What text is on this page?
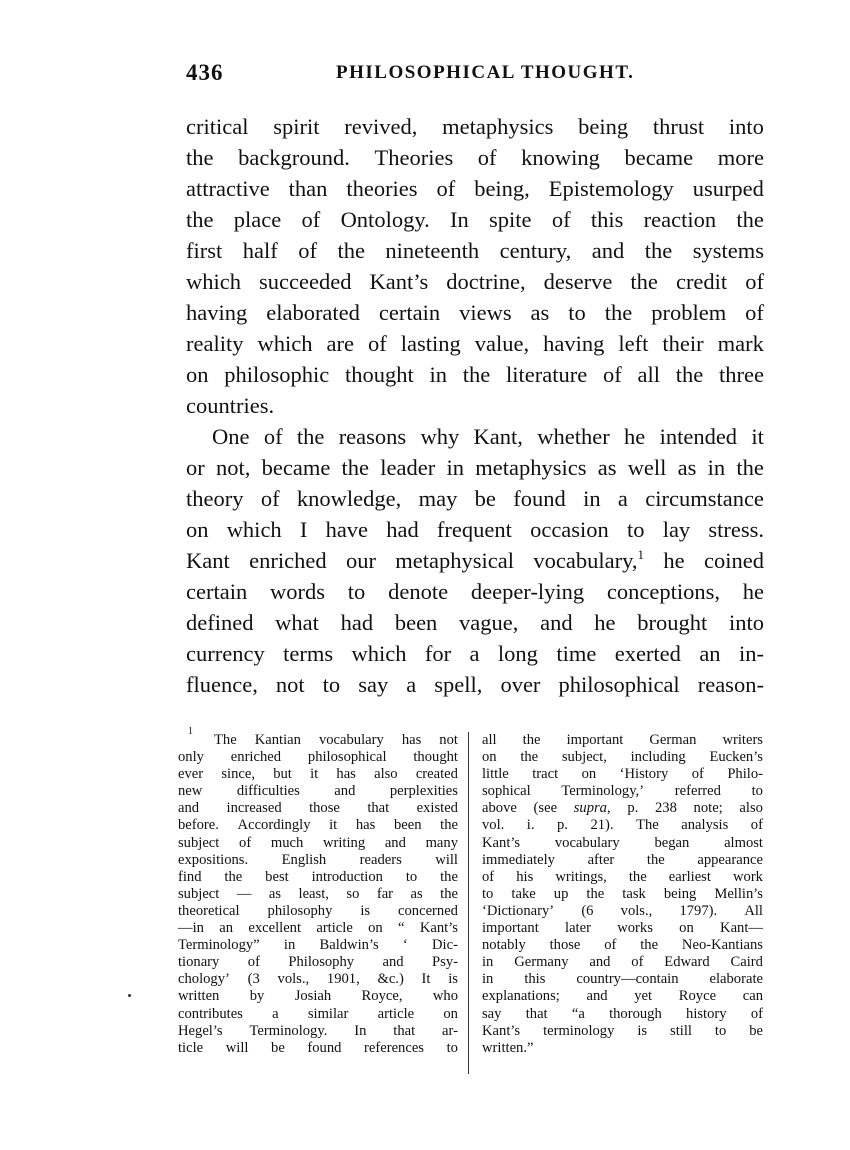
436	PHILOSOPHICAL THOUGHT.
critical spirit revived, metaphysics being thrust into
the background. Theories of knowing became more
attractive than theories of being, Epistemology usurped
the place of Ontology. In spite of this reaction the
first half of the nineteenth century, and the systems
which succeeded Kant’s doctrine, deserve the credit of
having elaborated certain views as to the problem of
reality which are of lasting value, having left their mark
on philosophic thought in the literature of all the three
countries.
One of the reasons why Kant, whether he intended it
or not, became the leader in metaphysics as well as in the
theory of knowledge, may be found in a circumstance
on which I have had frequent occasion to lay stress.
Kant enriched our metaphysical vocabulary,$^1$ he coined
certain words to denote deeper-lying conceptions, he
defined what had been vague, and he brought into
currency terms which for a long time exerted an in-
fluence, not to say a spell, over philosophical reason-
1
The Kantian vocabulary has not
only enriched philosophical thought
ever since, but it has also created
new difficulties and perplexities
and increased those that existed
before. Accordingly it has been the
subject of much writing and many
expositions. English readers will
find the best introduction to the
subject — as least, so far as the
theoretical philosophy is concerned
—in an excellent article on “ Kant’s
Terminology” in Baldwin’s ‘ Dic-
tionary of Philosophy and Psy-
chology’ (3 vols., 1901, &c.) It is
written by Josiah Royce, who
contributes a similar article on
Hegel’s Terminology. In that ar-
ticle will be found references to
all the important German writers
on the subject, including Eucken’s
little tract on ‘History of Philo-
sophical Terminology,’ referred to
above (see supra, p. 238 note; also
vol. i. p. 21). The analysis of
Kant’s vocabulary began almost
immediately after the appearance
of his writings, the earliest work
to take up the task being Mellin’s
‘Dictionary’ (6 vols., 1797). All
important later works on Kant—
notably those of the Neo-Kantians
in Germany and of Edward Caird
in this country—contain elaborate
explanations; and yet Royce can
say that “a thorough history of
Kant’s terminology is still to be
written.”
